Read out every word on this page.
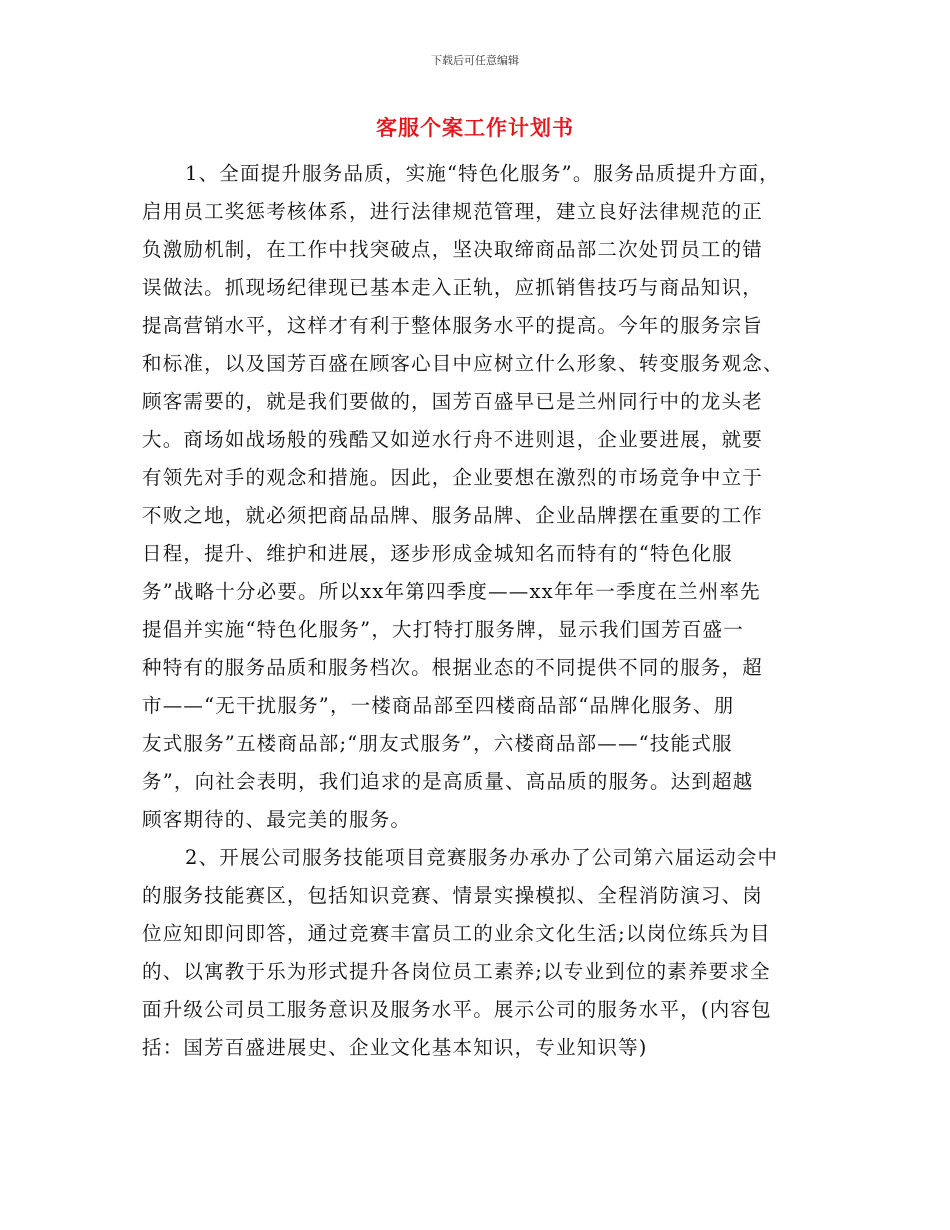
下载后可任意编辑
客服个案工作计划书
1、全面提升服务品质，实施“特色化服务”。服务品质提升方面，
启用员工奖惩考核体系，进行法律规范管理，建立良好法律规范的正
负激励机制，在工作中找突破点，坚决取缔商品部二次处罚员工的错
误做法。抓现场纪律现已基本走入正轨，应抓销售技巧与商品知识，
提高营销水平，这样才有利于整体服务水平的提高。今年的服务宗旨
和标准，以及国芳百盛在顾客心目中应树立什么形象、转变服务观念、
顾客需要的，就是我们要做的，国芳百盛早已是兰州同行中的龙头老
大。商场如战场般的残酷又如逆水行舟不进则退，企业要进展，就要
有领先对手的观念和措施。因此，企业要想在激烈的市场竞争中立于
不败之地，就必须把商品品牌、服务品牌、企业品牌摆在重要的工作
日程，提升、维护和进展，逐步形成金城知名而特有的“特色化服
务”战略十分必要。所以xx年第四季度——xx年年一季度在兰州率先
提倡并实施“特色化服务”，大打特打服务牌，显示我们国芳百盛一
种特有的服务品质和服务档次。根据业态的不同提供不同的服务，超
市——“无干扰服务”，一楼商品部至四楼商品部“品牌化服务、朋
友式服务”五楼商品部;“朋友式服务”，六楼商品部——“技能式服
务”，向社会表明，我们追求的是高质量、高品质的服务。达到超越
顾客期待的、最完美的服务。
2、开展公司服务技能项目竞赛服务办承办了公司第六届运动会中
的服务技能赛区，包括知识竞赛、情景实操模拟、全程消防演习、岗
位应知即问即答，通过竞赛丰富员工的业余文化生活;以岗位练兵为目
的、以寓教于乐为形式提升各岗位员工素养;以专业到位的素养要求全
面升级公司员工服务意识及服务水平。展示公司的服务水平，(内容包
括：国芳百盛进展史、企业文化基本知识，专业知识等)
